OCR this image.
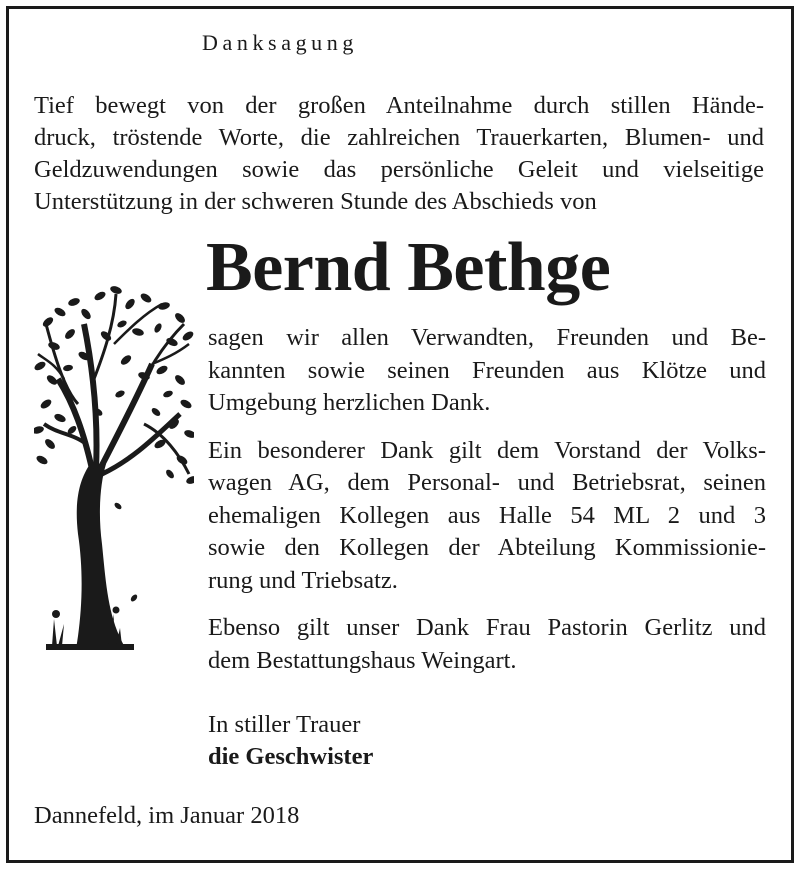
Danksagung
Tief bewegt von der großen Anteilnahme durch stillen Hände-
druck, tröstende Worte, die zahlreichen Trauerkarten, Blumen- und
Geldzuwendungen sowie das persönliche Geleit und vielseitige
Unterstützung in der schweren Stunde des Abschieds von
Bernd Bethge
sagen wir allen Verwandten, Freunden und Be-
kannten sowie seinen Freunden aus Klötze und
Umgebung herzlichen Dank.
Ein besonderer Dank gilt dem Vorstand der Volks-
wagen AG, dem Personal- und Betriebsrat, seinen
ehemaligen Kollegen aus Halle 54 ML 2 und 3
sowie den Kollegen der Abteilung Kommissionie-
rung und Triebsatz.
Ebenso gilt unser Dank Frau Pastorin Gerlitz und
dem Bestattungshaus Weingart.
In stiller Trauer
die Geschwister
Dannefeld, im Januar 2018
